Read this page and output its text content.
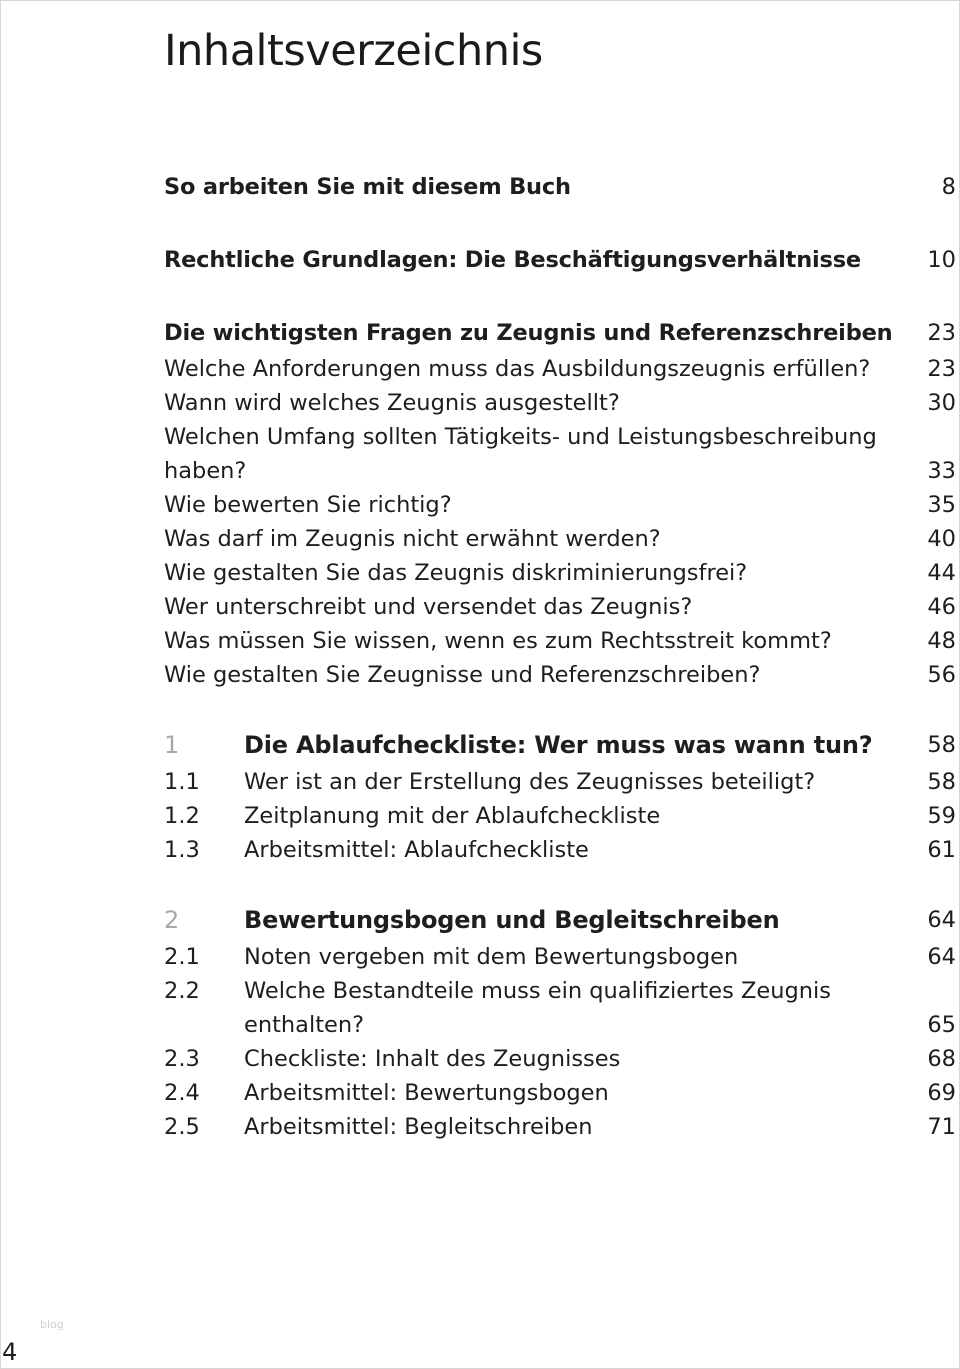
Inhaltsverzeichnis
So arbeiten Sie mit diesem Buch	8
Rechtliche Grundlagen: Die Beschäftigungsverhältnisse	10
Die wichtigsten Fragen zu Zeugnis und Referenzschreiben 23
Welche Anforderungen muss das Ausbildungszeugnis erfüllen?	23
Wann wird welches Zeugnis ausgestellt?	30
Welchen Umfang sollten Tätigkeits- und Leistungsbeschreibung
haben?	33
Wie bewerten Sie richtig?	35
Was darf im Zeugnis nicht erwähnt werden?	40
Wie gestalten Sie das Zeugnis diskriminierungsfrei?	44
Wer unterschreibt und versendet das Zeugnis?	46
Was müssen Sie wissen, wenn es zum Rechtsstreit kommt?	48
Wie gestalten Sie Zeugnisse und Referenzschreiben?	56
1	Die Ablaufcheckliste: Wer muss was wann tun? 58
1.1 Wer ist an der Erstellung des Zeugnisses beteiligt?	58
1.2 Zeitplanung mit der Ablaufcheckliste	59
1.3 Arbeitsmittel: Ablaufcheckliste	61
2	Bewertungsbogen und Begleitschreiben	64
2.1 Noten vergeben mit dem Bewertungsbogen	64
2.2 Welche Bestandteile muss ein qualifiziertes Zeugnis
enthalten?	65
2.3 Checkliste: Inhalt des Zeugnisses	68
2.4 Arbeitsmittel: Bewertungsbogen	69
2.5 Arbeitsmittel: Begleitschreiben	71
blog
4
